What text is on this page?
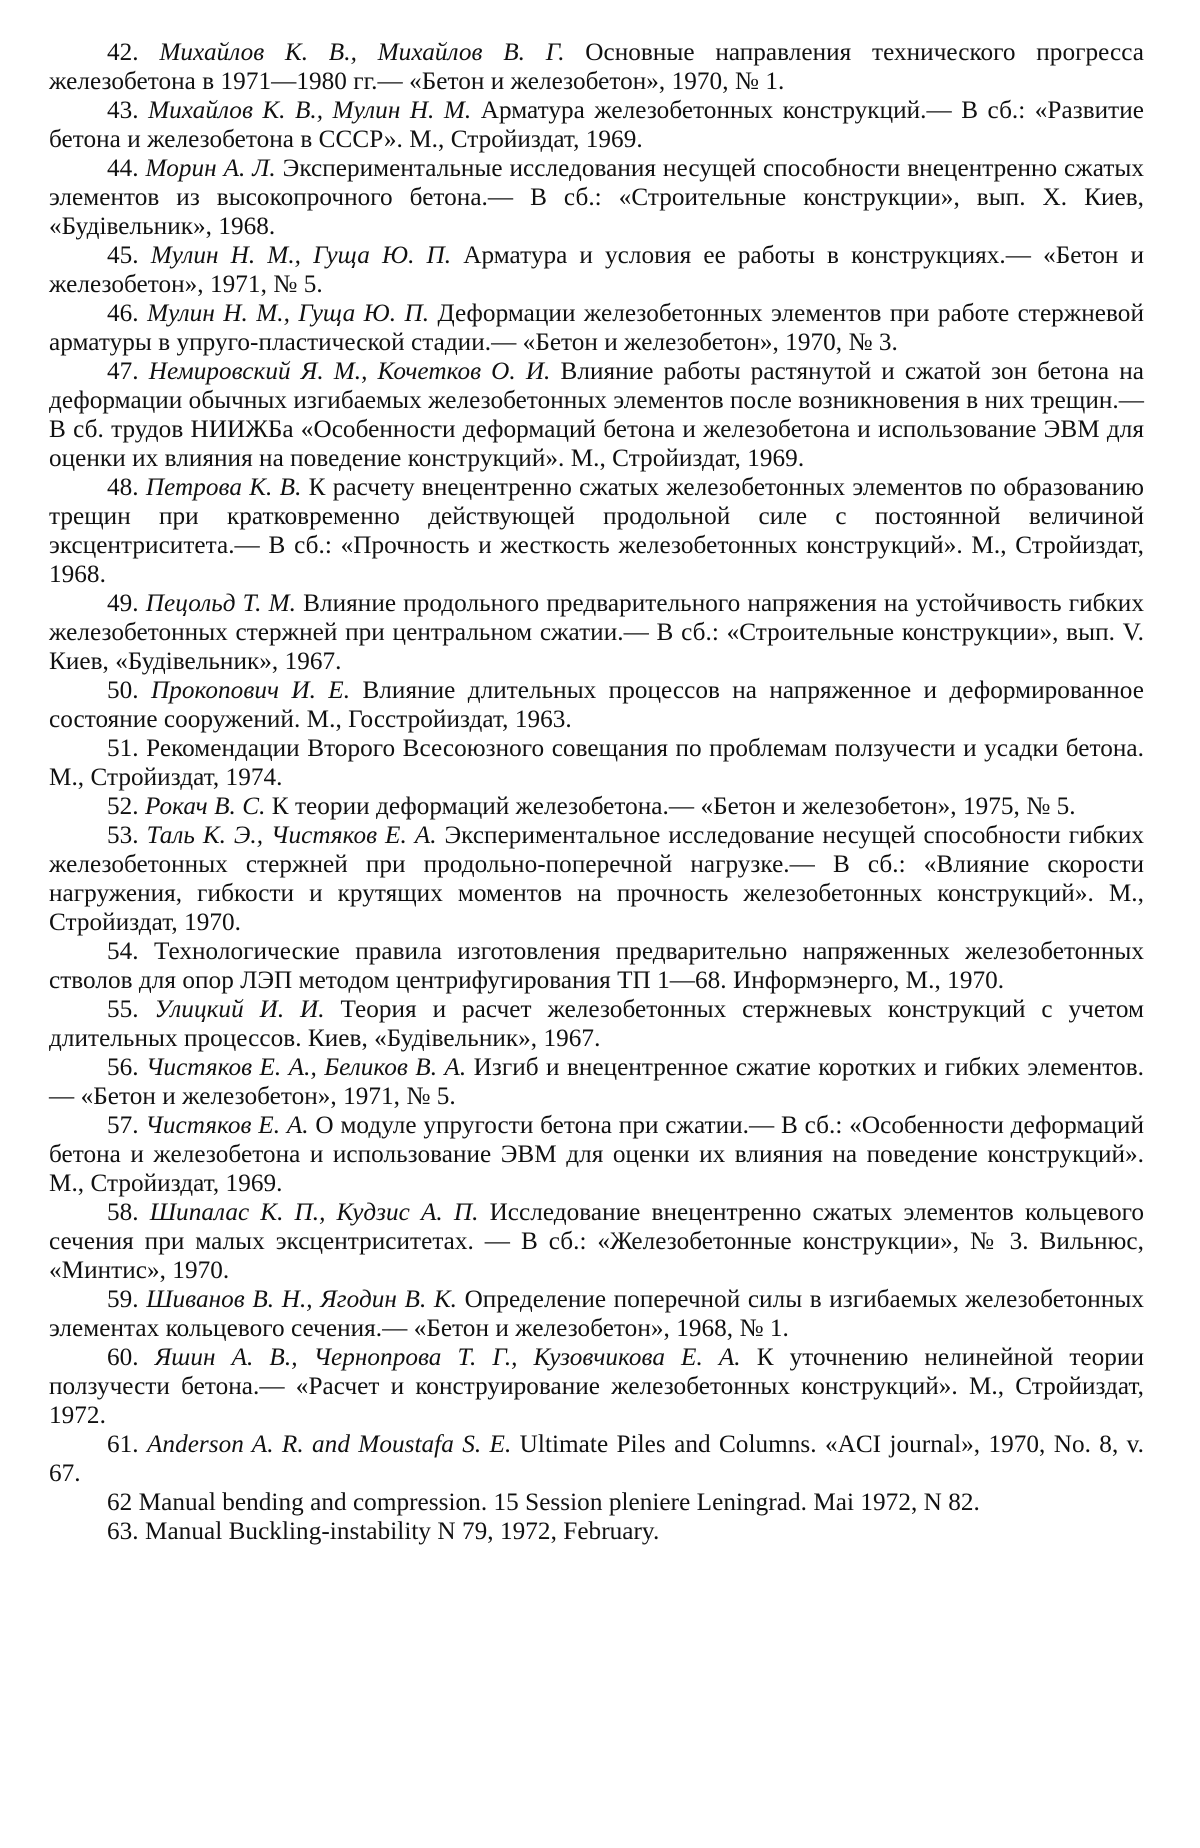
42. Михайлов К. В., Михайлов В. Г. Основные направления технического прогресса железобетона в 1971—1980 гг.— «Бетон и железобетон», 1970, № 1.

43. Михайлов К. В., Мулин Н. М. Арматура железобетонных конструкций.— В сб.: «Развитие бетона и железобетона в СССР». М., Стройиздат, 1969.

44. Морин А. Л. Экспериментальные исследования несущей способности внецентренно сжатых элементов из высокопрочного бетона.— В сб.: «Строительные конструкции», вып. X. Киев, «Будівельник», 1968.

45. Мулин Н. М., Гуща Ю. П. Арматура и условия ее работы в конструкциях.— «Бетон и железобетон», 1971, № 5.

46. Мулин Н. М., Гуща Ю. П. Деформации железобетонных элементов при работе стержневой арматуры в упруго-пластической стадии.— «Бетон и железобетон», 1970, № 3.

47. Немировский Я. М., Кочетков О. И. Влияние работы растянутой и сжатой зон бетона на деформации обычных изгибаемых железобетонных элементов после возникновения в них трещин.— В сб. трудов НИИЖБа «Особенности деформаций бетона и железобетона и использование ЭВМ для оценки их влияния на поведение конструкций». М., Стройиздат, 1969.

48. Петрова К. В. К расчету внецентренно сжатых железобетонных элементов по образованию трещин при кратковременно действующей продольной силе с постоянной величиной эксцентриситета.— В сб.: «Прочность и жесткость железобетонных конструкций». М., Стройиздат, 1968.

49. Пецольд Т. М. Влияние продольного предварительного напряжения на устойчивость гибких железобетонных стержней при центральном сжатии.— В сб.: «Строительные конструкции», вып. V. Киев, «Будівельник», 1967.

50. Прокопович И. Е. Влияние длительных процессов на напряженное и деформированное состояние сооружений. М., Госстройиздат, 1963.

51. Рекомендации Второго Всесоюзного совещания по проблемам ползучести и усадки бетона. М., Стройиздат, 1974.

52. Рокач В. С. К теории деформаций железобетона.— «Бетон и железобетон», 1975, № 5.

53. Таль К. Э., Чистяков Е. А. Экспериментальное исследование несущей способности гибких железобетонных стержней при продольно-поперечной нагрузке.— В сб.: «Влияние скорости нагружения, гибкости и крутящих моментов на прочность железобетонных конструкций». М., Стройиздат, 1970.

54. Технологические правила изготовления предварительно напряженных железобетонных стволов для опор ЛЭП методом центрифугирования ТП 1—68. Информэнерго, М., 1970.

55. Улицкий И. И. Теория и расчет железобетонных стержневых конструкций с учетом длительных процессов. Киев, «Будівельник», 1967.

56. Чистяков Е. А., Беликов В. А. Изгиб и внецентренное сжатие коротких и гибких элементов.— «Бетон и железобетон», 1971, № 5.

57. Чистяков Е. А. О модуле упругости бетона при сжатии.— В сб.: «Особенности деформаций бетона и железобетона и использование ЭВМ для оценки их влияния на поведение конструкций». М., Стройиздат, 1969.

58. Шипалас К. П., Кудзис А. П. Исследование внецентренно сжатых элементов кольцевого сечения при малых эксцентриситетах. — В сб.: «Железобетонные конструкции», № 3. Вильнюс, «Минтис», 1970.

59. Шиванов В. Н., Ягодин В. К. Определение поперечной силы в изгибаемых железобетонных элементах кольцевого сечения.— «Бетон и железобетон», 1968, № 1.

60. Яшин А. В., Чернопрова Т. Г., Кузовчикова Е. А. К уточнению нелинейной теории ползучести бетона.— «Расчет и конструирование железобетонных конструкций». М., Стройиздат, 1972.

61. Anderson A. R. and Moustafa S. E. Ultimate Piles and Columns. «ACI journal», 1970, No. 8, v. 67.

62 Manual bending and compression. 15 Session pleniere Leningrad. Mai 1972, N 82.

63. Manual Buckling-instability N 79, 1972, February.
